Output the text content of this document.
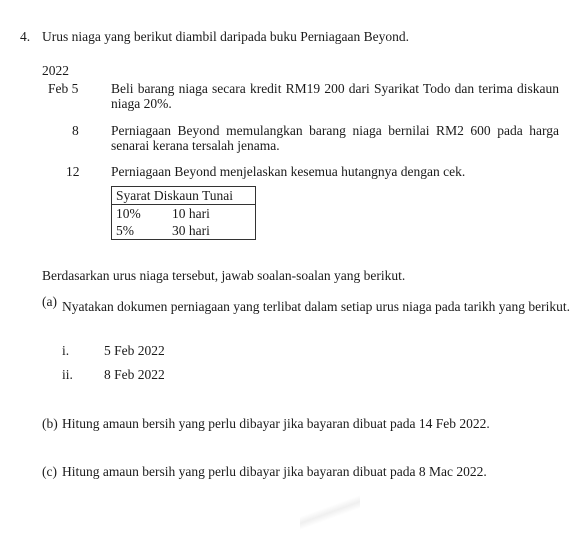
4. Urus niaga yang berikut diambil daripada buku Perniagaan Beyond.
2022
Feb 5 Beli barang niaga secara kredit RM19 200 dari Syarikat Todo dan terima diskaun niaga 20%.
8 Perniagaan Beyond memulangkan barang niaga bernilai RM2 600 pada harga senarai kerana tersalah jenama.
12 Perniagaan Beyond menjelaskan kesemua hutangnya dengan cek.
Syarat Diskaun Tunai	
10%	10 hari
5%	30 hari
Berdasarkan urus niaga tersebut, jawab soalan-soalan yang berikut.
(a) Nyatakan dokumen perniagaan yang terlibat dalam setiap urus niaga pada tarikh yang berikut.
i.	5 Feb 2022
ii. 8 Feb 2022
(b) Hitung amaun bersih yang perlu dibayar jika bayaran dibuat pada 14 Feb 2022.
(c) Hitung amaun bersih yang perlu dibayar jika bayaran dibuat pada 8 Mac 2022.
